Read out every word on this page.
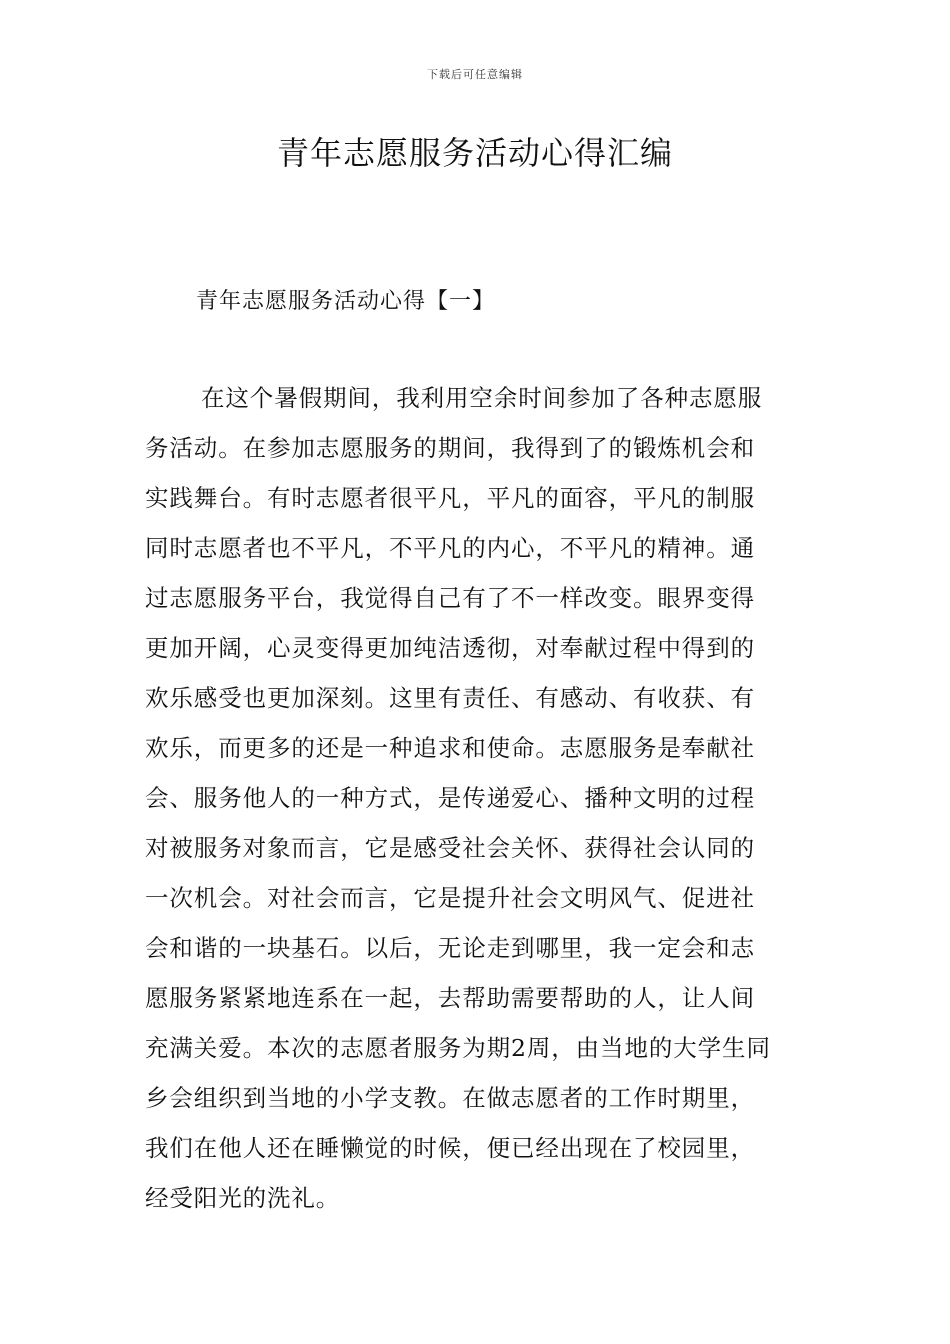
下载后可任意编辑
青年志愿服务活动心得汇编
青年志愿服务活动心得【一】
在这个暑假期间，我利用空余时间参加了各种志愿服
务活动。在参加志愿服务的期间，我得到了的锻炼机会和
实践舞台。有时志愿者很平凡，平凡的面容，平凡的制服
同时志愿者也不平凡，不平凡的内心，不平凡的精神。通
过志愿服务平台，我觉得自己有了不一样改变。眼界变得
更加开阔，心灵变得更加纯洁透彻，对奉献过程中得到的
欢乐感受也更加深刻。这里有责任、有感动、有收获、有
欢乐，而更多的还是一种追求和使命。志愿服务是奉献社
会、服务他人的一种方式，是传递爱心、播种文明的过程
对被服务对象而言，它是感受社会关怀、获得社会认同的
一次机会。对社会而言，它是提升社会文明风气、促进社
会和谐的一块基石。以后，无论走到哪里，我一定会和志
愿服务紧紧地连系在一起，去帮助需要帮助的人，让人间
充满关爱。本次的志愿者服务为期2周，由当地的大学生同
乡会组织到当地的小学支教。在做志愿者的工作时期里，
我们在他人还在睡懒觉的时候，便已经出现在了校园里，
经受阳光的洗礼。
